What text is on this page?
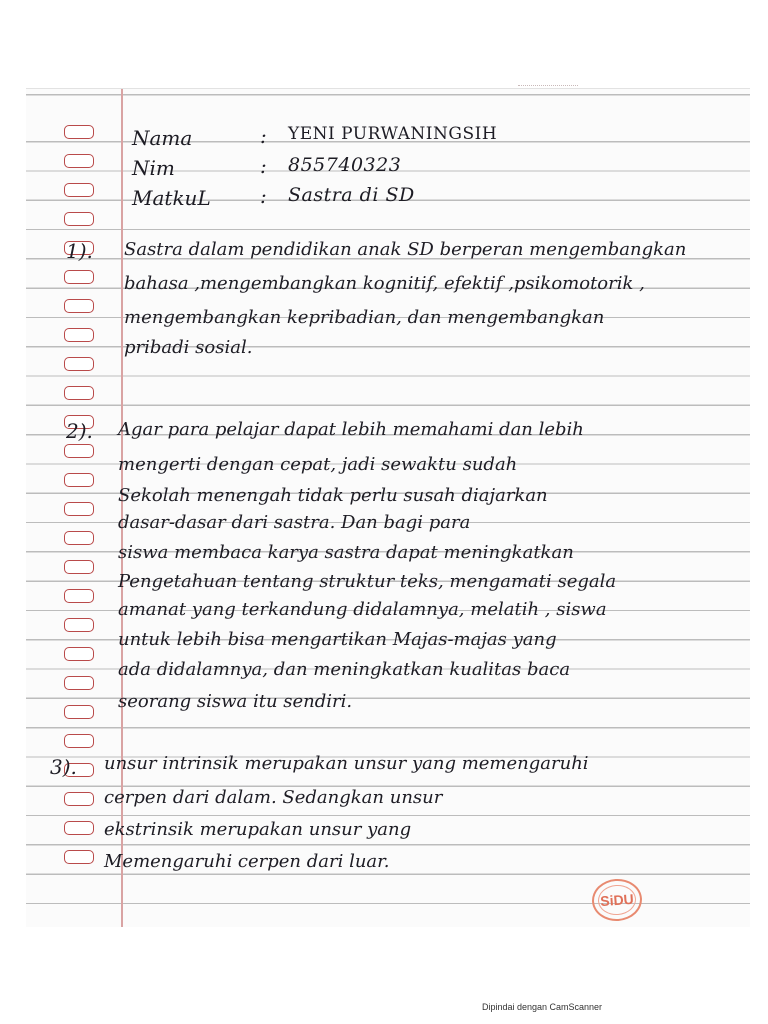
Nama	: YENI PURWANINGSIH
Nim	: 855740323
MatkuL : Sastra di SD
1). Sastra dalam pendidikan anak SD berperan mengembangkan
bahasa ,mengembangkan kognitif, efektif ,psikomotorik ,
mengembangkan kepribadian, dan mengembangkan
pribadi sosial.
2). Agar para pelajar dapat lebih memahami dan lebih
mengerti dengan cepat, jadi sewaktu sudah
Sekolah menengah tidak perlu susah diajarkan
dasar-dasar dari sastra. Dan bagi para
siswa membaca karya sastra dapat meningkatkan
Pengetahuan tentang struktur teks, mengamati segala
amanat yang terkandung didalamnya, melatih , siswa
untuk lebih bisa mengartikan Majas-majas yang
ada didalamnya, dan meningkatkan kualitas baca
seorang siswa itu sendiri.
3). unsur intrinsik merupakan unsur yang memengaruhi
cerpen dari dalam. Sedangkan unsur
ekstrinsik merupakan unsur yang
Memengaruhi cerpen dari luar.
SiDU
Dipindai dengan CamScanner
